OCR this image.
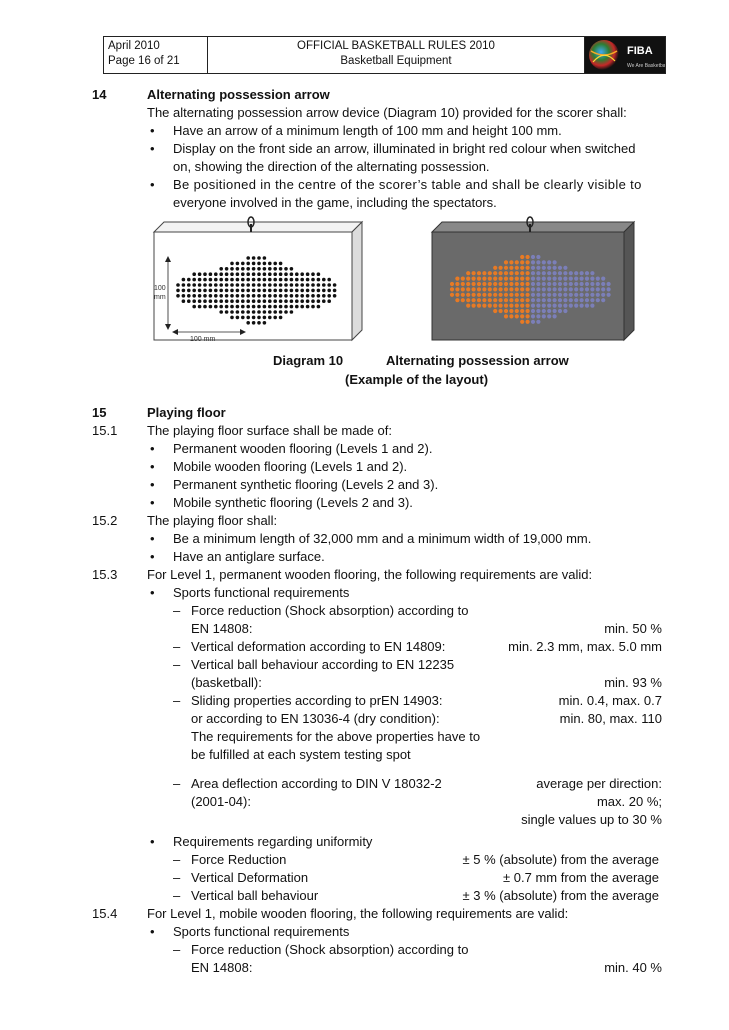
April 2010
Page 16 of 21
OFFICIAL BASKETBALL RULES 2010
Basketball Equipment
FIBA
We Are Basketball
14	Alternating possession arrow
The alternating possession arrow device (Diagram 10) provided for the scorer shall:
• Have an arrow of a minimum length of 100 mm and height 100 mm.
• Display on the front side an arrow, illuminated in bright red colour when switched
on, showing the direction of the alternating possession.
• Be positioned in the centre of the scorer’s table and shall be clearly visible to
everyone involved in the game, including the spectators.
100
mm
100 mm
Diagram 10	Alternating possession arrow
(Example of the layout)
15	Playing floor
15.1 The playing floor surface shall be made of:
• Permanent wooden flooring (Levels 1 and 2).
• Mobile wooden flooring (Levels 1 and 2).
• Permanent synthetic flooring (Levels 2 and 3).
• Mobile synthetic flooring (Levels 2 and 3).
15.2 The playing floor shall:
• Be a minimum length of 32,000 mm and a minimum width of 19,000 mm.
• Have an antiglare surface.
15.3 For Level 1, permanent wooden flooring, the following requirements are valid:
• Sports functional requirements
– Force reduction (Shock absorption) according to
EN 14808:	min. 50 %
– Vertical deformation according to EN 14809:	min. 2.3 mm, max. 5.0 mm
– Vertical ball behaviour according to EN 12235
(basketball):	min. 93 %
– Sliding properties according to prEN 14903:	min. 0.4, max. 0.7
or according to EN 13036-4 (dry condition):	min. 80, max. 110
The requirements for the above properties have to
be fulfilled at each system testing spot
– Area deflection according to DIN V 18032-2	average per direction:
(2001-04):	max. 20 %;
single values up to 30 %
• Requirements regarding uniformity
– Force Reduction	± 5 % (absolute) from the average
– Vertical Deformation	± 0.7 mm from the average
– Vertical ball behaviour	± 3 % (absolute) from the average
15.4 For Level 1, mobile wooden flooring, the following requirements are valid:
• Sports functional requirements
– Force reduction (Shock absorption) according to
EN 14808:	min. 40 %
